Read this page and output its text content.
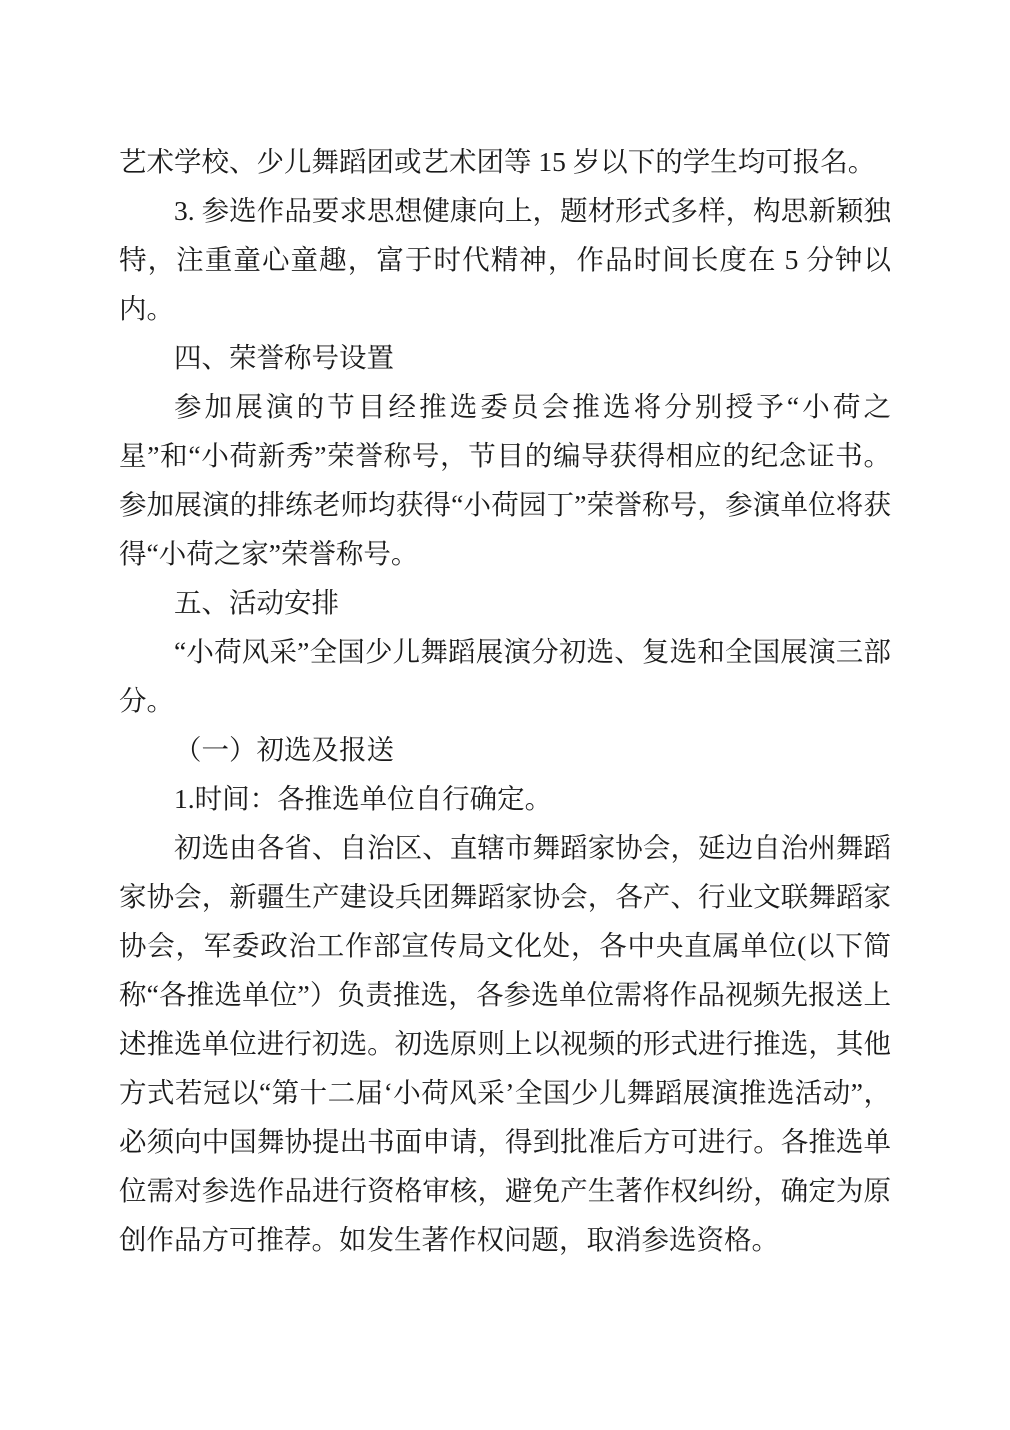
艺术学校、少儿舞蹈团或艺术团等 15 岁以下的学生均可报名。

3. 参选作品要求思想健康向上，题材形式多样，构思新颖独特，注重童心童趣，富于时代精神，作品时间长度在 5 分钟以内。

四、荣誉称号设置

参加展演的节目经推选委员会推选将分别授予“小荷之星”和“小荷新秀”荣誉称号，节目的编导获得相应的纪念证书。参加展演的排练老师均获得“小荷园丁”荣誉称号，参演单位将获得“小荷之家”荣誉称号。

五、活动安排

“小荷风采”全国少儿舞蹈展演分初选、复选和全国展演三部分。

（一）初选及报送

1.时间：各推选单位自行确定。

初选由各省、自治区、直辖市舞蹈家协会，延边自治州舞蹈家协会，新疆生产建设兵团舞蹈家协会，各产、行业文联舞蹈家协会，军委政治工作部宣传局文化处，各中央直属单位(以下简称“各推选单位”）负责推选，各参选单位需将作品视频先报送上述推选单位进行初选。初选原则上以视频的形式进行推选，其他方式若冠以“第十二届‘小荷风采’全国少儿舞蹈展演推选活动”，必须向中国舞协提出书面申请，得到批准后方可进行。各推选单位需对参选作品进行资格审核，避免产生著作权纠纷，确定为原创作品方可推荐。如发生著作权问题，取消参选资格。
